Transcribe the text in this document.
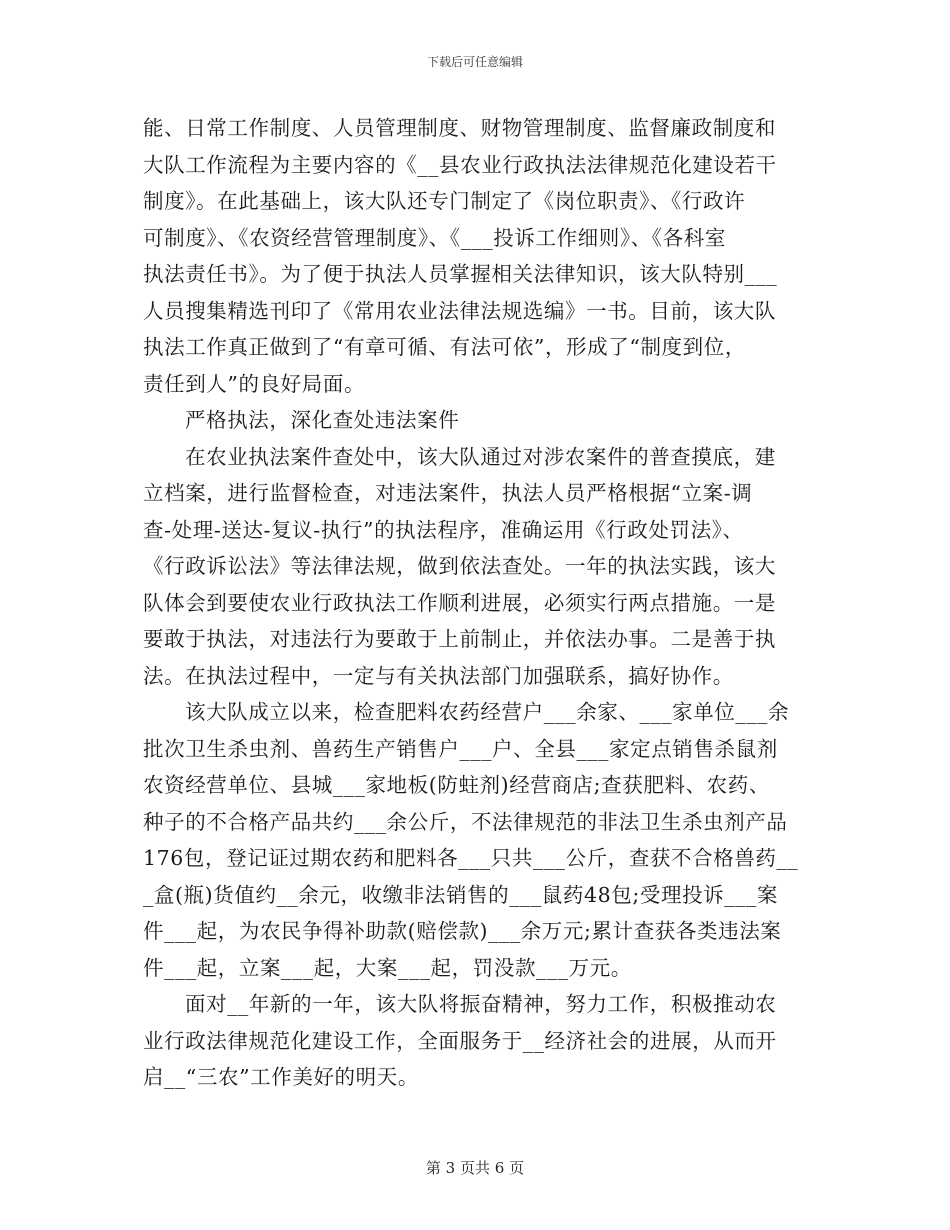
下载后可任意编辑
能、日常工作制度、人员管理制度、财物管理制度、监督廉政制度和
大队工作流程为主要内容的《__县农业行政执法法律规范化建设若干
制度》。在此基础上，该大队还专门制定了《岗位职责》、《行政许
可制度》、《农资经营管理制度》、《___投诉工作细则》、《各科室
执法责任书》。为了便于执法人员掌握相关法律知识，该大队特别___
人员搜集精选刊印了《常用农业法律法规选编》一书。目前，该大队
执法工作真正做到了“有章可循、有法可依”，形成了“制度到位，
责任到人”的良好局面。
严格执法，深化查处违法案件
在农业执法案件查处中，该大队通过对涉农案件的普查摸底，建
立档案，进行监督检查，对违法案件，执法人员严格根据“立案-调
查-处理-送达-复议-执行”的执法程序，准确运用《行政处罚法》、
《行政诉讼法》等法律法规，做到依法查处。一年的执法实践，该大
队体会到要使农业行政执法工作顺利进展，必须实行两点措施。一是
要敢于执法，对违法行为要敢于上前制止，并依法办事。二是善于执
法。在执法过程中，一定与有关执法部门加强联系，搞好协作。
该大队成立以来，检查肥料农药经营户___余家、___家单位___余
批次卫生杀虫剂、兽药生产销售户___户、全县___家定点销售杀鼠剂
农资经营单位、县城___家地板(防蛀剂)经营商店;查获肥料、农药、
种子的不合格产品共约___余公斤，不法律规范的非法卫生杀虫剂产品
176包，登记证过期农药和肥料各___只共___公斤，查获不合格兽药__
_盒(瓶)货值约__余元，收缴非法销售的___鼠药48包;受理投诉___案
件___起，为农民争得补助款(赔偿款)___余万元;累计查获各类违法案
件___起，立案___起，大案___起，罚没款___万元。
面对__年新的一年，该大队将振奋精神，努力工作，积极推动农
业行政法律规范化建设工作，全面服务于__经济社会的进展，从而开
启__“三农”工作美好的明天。
第 3 页共 6 页
